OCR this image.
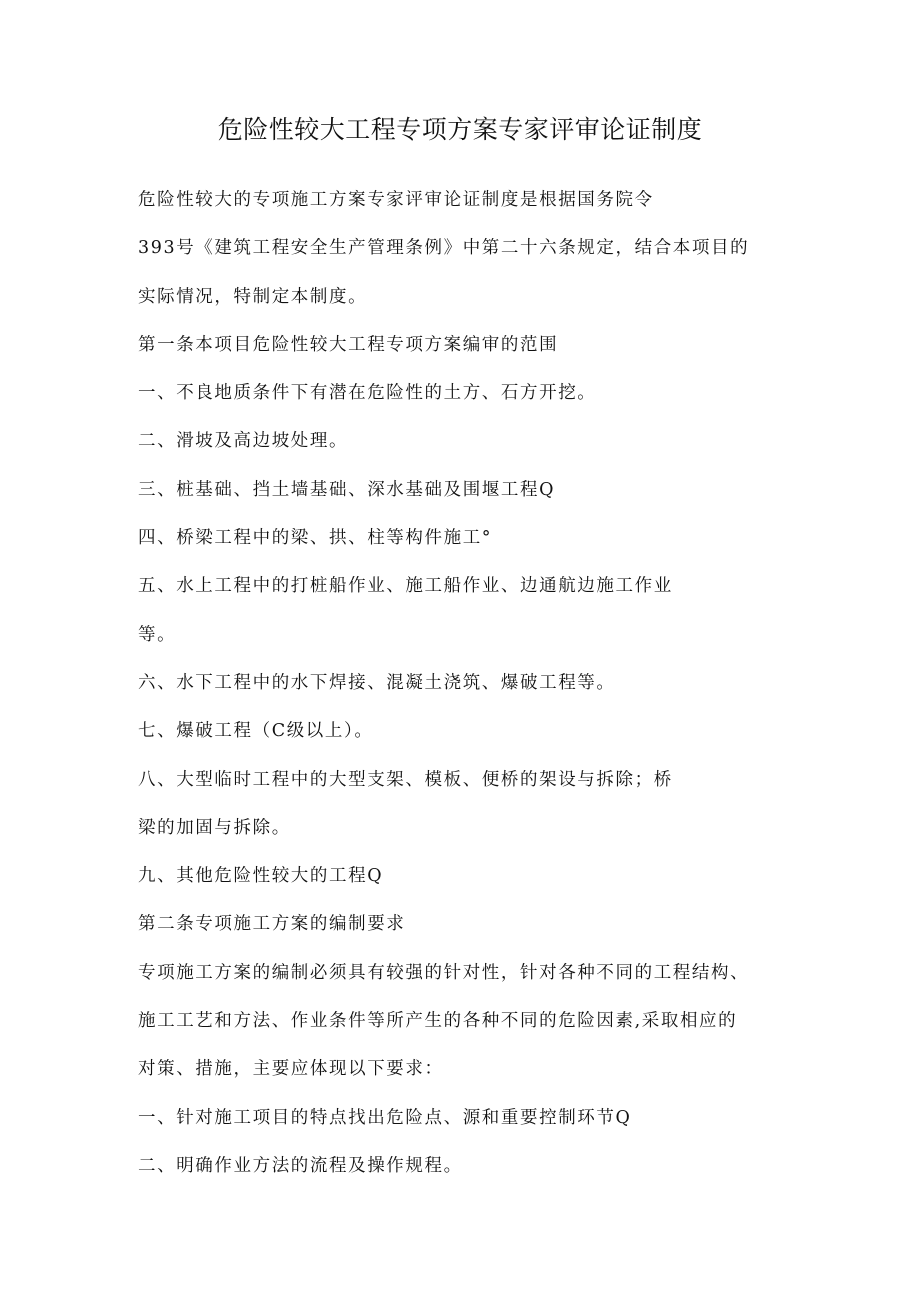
危险性较大工程专项方案专家评审论证制度
危险性较大的专项施工方案专家评审论证制度是根据国务院令
393号《建筑工程安全生产管理条例》中第二十六条规定，结合本项目的
实际情况，特制定本制度。
第一条本项目危险性较大工程专项方案编审的范围
一、不良地质条件下有潜在危险性的土方、石方开挖。
二、滑坡及高边坡处理。
三、桩基础、挡土墙基础、深水基础及围堰工程Q
四、桥梁工程中的梁、拱、柱等构件施工°
五、水上工程中的打桩船作业、施工船作业、边通航边施工作业
等。
六、水下工程中的水下焊接、混凝土浇筑、爆破工程等。
七、爆破工程（C级以上）。
八、大型临时工程中的大型支架、模板、便桥的架设与拆除；桥
梁的加固与拆除。
九、其他危险性较大的工程Q
第二条专项施工方案的编制要求
专项施工方案的编制必须具有较强的针对性，针对各种不同的工程结构、
施工工艺和方法、作业条件等所产生的各种不同的危险因素,采取相应的
对策、措施，主要应体现以下要求：
一、针对施工项目的特点找出危险点、源和重要控制环节Q
二、明确作业方法的流程及操作规程。
